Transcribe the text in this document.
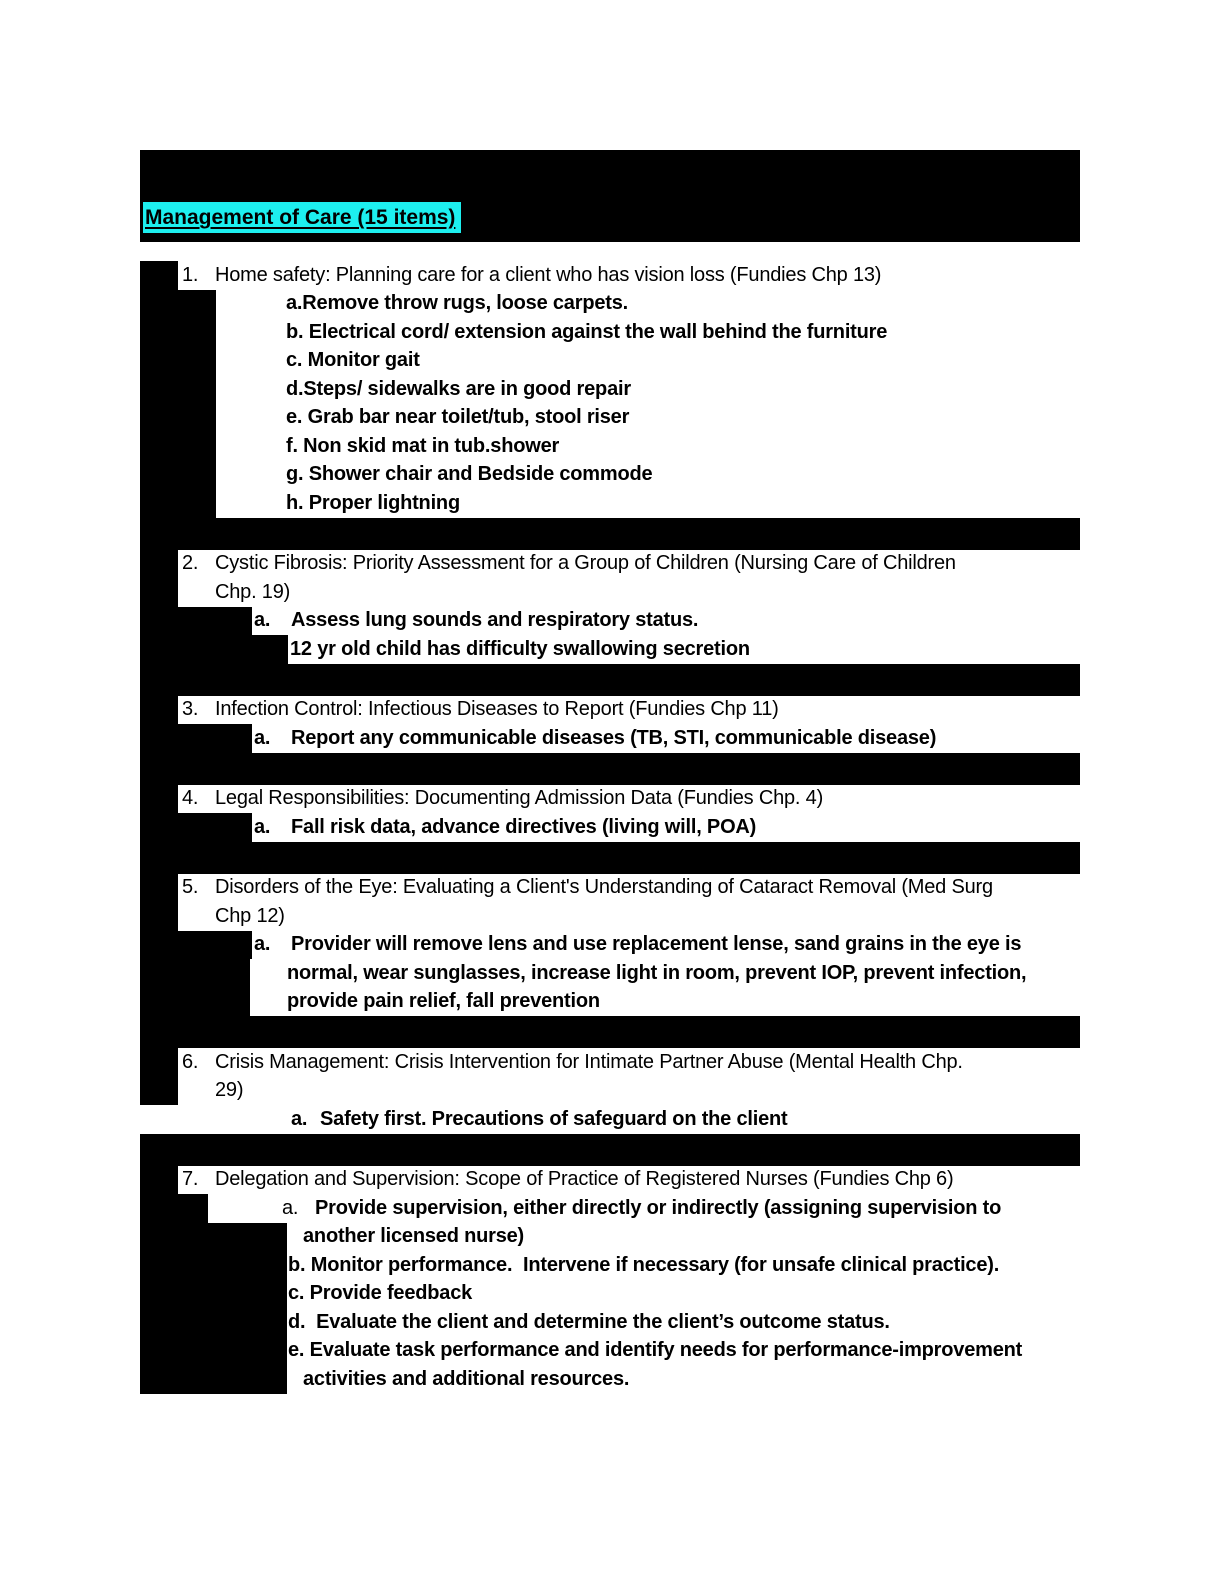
Management of Care (15 items)
1. Home safety: Planning care for a client who has vision loss (Fundies Chp 13)
a.Remove throw rugs, loose carpets.
b. Electrical cord/ extension against the wall behind the furniture
c. Monitor gait
d.Steps/ sidewalks are in good repair
e. Grab bar near toilet/tub, stool riser
f. Non skid mat in tub.shower
g. Shower chair and Bedside commode
h. Proper lightning
2. Cystic Fibrosis: Priority Assessment for a Group of Children (Nursing Care of Children
Chp. 19)
a.	Assess lung sounds and respiratory status.
12 yr old child has difficulty swallowing secretion
3. Infection Control: Infectious Diseases to Report (Fundies Chp 11)
a.	Report any communicable diseases (TB, STI, communicable disease)
4. Legal Responsibilities: Documenting Admission Data (Fundies Chp. 4)
a.	Fall risk data, advance directives (living will, POA)
5. Disorders of the Eye: Evaluating a Client's Understanding of Cataract Removal (Med Surg
Chp 12)
a.	Provider will remove lens and use replacement lense, sand grains in the eye is
normal, wear sunglasses, increase light in room, prevent IOP, prevent infection,
provide pain relief, fall prevention
6. Crisis Management: Crisis Intervention for Intimate Partner Abuse (Mental Health Chp.
29)
a. Safety first. Precautions of safeguard on the client
7. Delegation and Supervision: Scope of Practice of Registered Nurses (Fundies Chp 6)
a. Provide supervision, either directly or indirectly (assigning supervision to
another licensed nurse)
b. Monitor performance.  Intervene if necessary (for unsafe clinical practice).
c. Provide feedback
d.  Evaluate the client and determine the client’s outcome status.
e. Evaluate task performance and identify needs for performance-improvement
activities and additional resources.
